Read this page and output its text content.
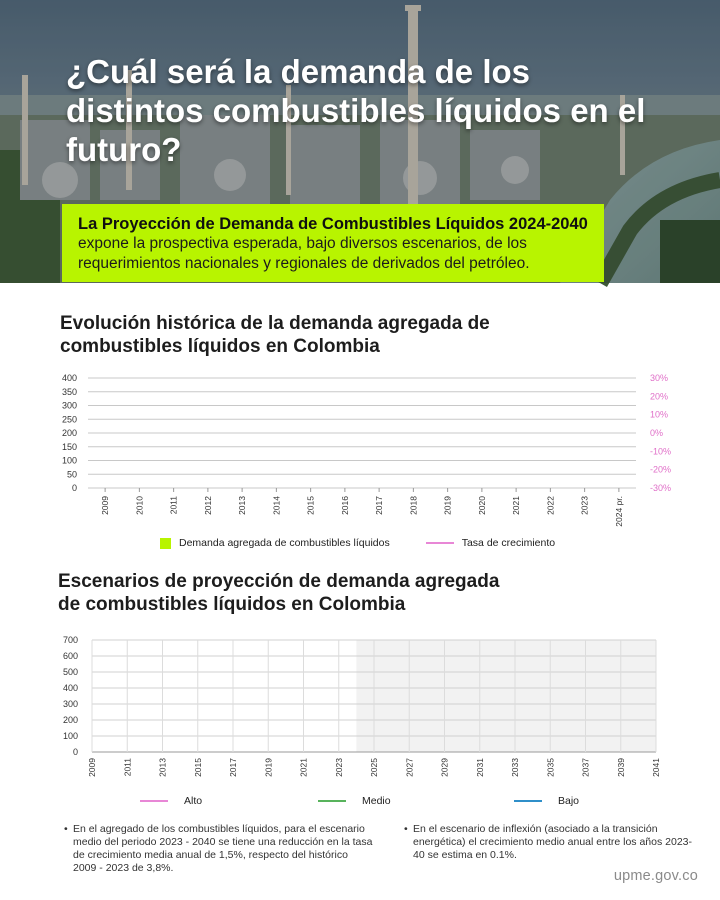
¿Cuál será la demanda de los distintos combustibles líquidos en el futuro?
La Proyección de Demanda de Combustibles Líquidos 2024-2040
expone la prospectiva esperada, bajo diversos escenarios, de los requerimientos nacionales y regionales de derivados del petróleo.
Evolución histórica de la demanda agregada de combustibles líquidos en Colombia
400
350
300
250
200
150
100
50
0
30%
20%
10%
0%
-10%
-20%
-30%
2009	2010	2011	2012	2013	2014	2015	2016	2017	2018	2019	2020	2021	2022	2023	2024 pr.
Demanda agregada de combustibles líquidos	Tasa de crecimiento
Escenarios de proyección de demanda agregada de combustibles líquidos en Colombia
700
600
500
400
300
200
100
0
2009	2011	2013	2015	2017	2019	2021	2023	2025	2027	2029	2031	2033	2035	2037	2039	2041
Alto	Medio	Bajo
• En el agregado de los combustibles líquidos, para el escenario medio del periodo 2023 - 2040 se tiene una reducción en la tasa de crecimiento media anual de 1,5%, respecto del histórico 2009 - 2023 de 3,8%.
• En el escenario de inflexión (asociado a la transición energética) el crecimiento medio anual entre los años 2023-40 se estima en 0.1%.
upme.gov.co
